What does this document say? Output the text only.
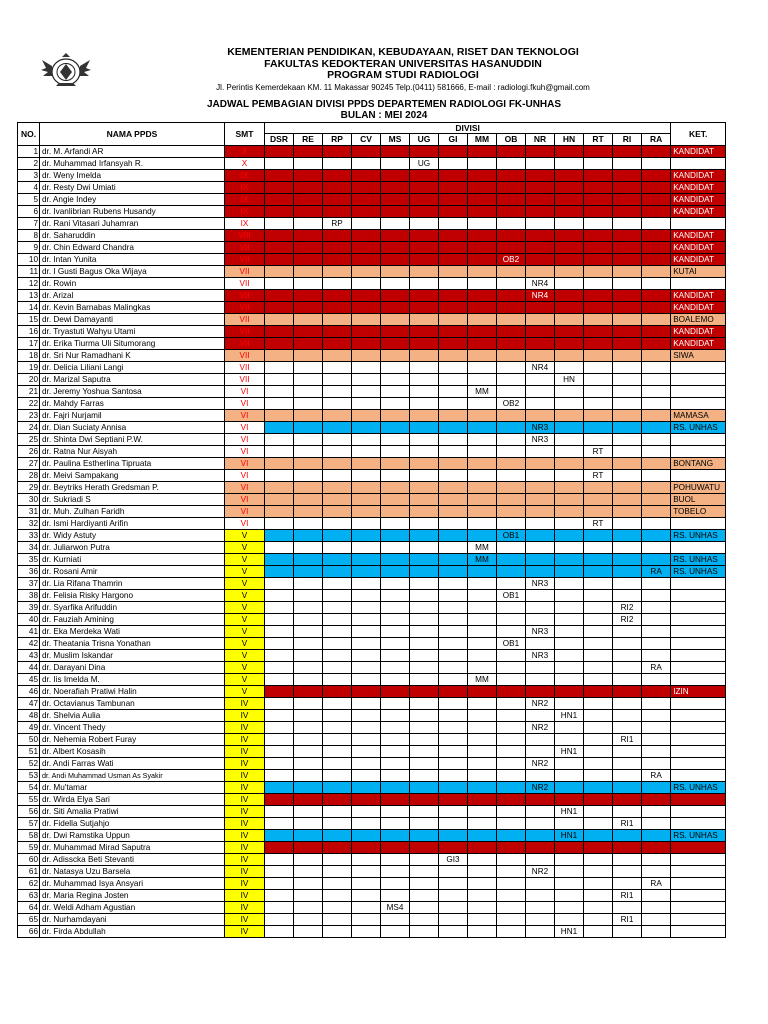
KEMENTERIAN PENDIDIKAN, KEBUDAYAAN, RISET DAN TEKNOLOGI
FAKULTAS KEDOKTERAN UNIVERSITAS HASANUDDIN
PROGRAM STUDI RADIOLOGI
Jl. Perintis Kemerdekaan KM. 11 Makassar 90245 Telp.(0411) 581666, E-mail : radiologi.fkuh@gmail.com
JADWAL PEMBAGIAN DIVISI PPDS DEPARTEMEN RADIOLOGI FK-UNHAS
BULAN : MEI 2024
NO.	NAMA PPDS	SMT	DIVISI														KET.
			DSR	RE	RP	CV	MS	UG	GI	MM	OB	NR	HN	RT	RI	RA	
1	dr. M. Arfandi AR	X															KANDIDAT
2	dr. Muhammad Irfansyah R.	X						UG									
3	dr. Weny Imelda	IX															KANDIDAT
4	dr. Resty Dwi Umiati	IX															KANDIDAT
5	dr. Angie Indey	IX															KANDIDAT
6	dr. Ivanlibrian Rubens Husandy	IX															KANDIDAT
7	dr. Rani Vitasari Juhamran	IX			RP												
8	dr. Saharuddin	VIII															KANDIDAT
9	dr. Chin Edward Chandra	VII															KANDIDAT
10	dr. Intan Yunita	VII									OB2						KANDIDAT
11	dr. I Gusti Bagus Oka Wijaya	VII															KUTAI
12	dr. Rowin	VII										NR4					
13	dr. Arizal	VII										NR4					KANDIDAT
14	dr. Kevin Barnabas Malingkas	VII															KANDIDAT
15	dr. Dewi Damayanti	VII															BOALEMO
16	dr. Tryastuti Wahyu Utami	VII															KANDIDAT
17	dr. Erika Tiurma Uli Situmorang	VII															KANDIDAT
18	dr. Sri Nur Ramadhani K	VII															SIWA
19	dr. Delicia Liliani Langi	VII										NR4					
20	dr. Marizal Saputra	VII											HN				
21	dr. Jeremy Yoshua Santosa	VI								MM							
22	dr. Mahdy Farras	VI									OB2						
23	dr. Fajri Nurjamil	VI															MAMASA
24	dr. Dian Suciaty Annisa	VI										NR3					RS. UNHAS
25	dr. Shinta Dwi Septiani P.W.	VI										NR3					
26	dr. Ratna Nur Aisyah	VI												RT			
27	dr. Paulina Estherlina Tipruata	VI															BONTANG
28	dr. Meivi Sampakang	VI												RT			
29	dr. Beytriks Herath Gredsman P.	VI															POHUWATU
30	dr. Sukriadi S	VI															BUOL
31	dr. Muh. Zulhan Faridh	VI															TOBELO
32	dr. Ismi Hardiyanti Arifin	VI												RT			
33	dr. Widy Astuty	V									OB1						RS. UNHAS
34	dr. Juliarwon Putra	V								MM							
35	dr. Kurniati	V								MM							RS. UNHAS
36	dr. Rosani Amir	V														RA	RS. UNHAS
37	dr. Lia Rifana Thamrin	V										NR3					
38	dr. Felisia Risky Hargono	V									OB1						
39	dr. Syarfika Arifuddin	V													RI2		
40	dr. Fauziah Amining	V													RI2		
41	dr. Eka Merdeka Wati	V										NR3					
42	dr. Theatania Trisna Yonathan	V									OB1						
43	dr. Muslim Iskandar	V										NR3					
44	dr. Darayani Dina	V														RA	
45	dr. Iis Imelda M.	V								MM							
46	dr. Noerafiah Pratiwi Halin	V															IZIN
47	dr. Octavianus Tambunan	IV										NR2					
48	dr. Shelvia Aulia	IV											HN1				
49	dr. Vincent Thedy	IV										NR2					
50	dr. Nehemia Robert Furay	IV													RI1		
51	dr. Albert Kosasih	IV											HN1				
52	dr. Andi Farras Wati	IV										NR2					
53	dr. Andi Muhammad Usman As Syakir	IV														RA	
54	dr. Mu'tamar	IV										NR2					RS. UNHAS
55	dr. Wirda Elya Sari	IV															
56	dr. Siti Amalia Pratiwi	IV											HN1				
57	dr. Fidella Sutjahjo	IV													RI1		
58	dr. Dwi Ramstika Uppun	IV											HN1				RS. UNHAS
59	dr. Muhammad Mirad Saputra	IV															
60	dr. Adisscka Beti Stevanti	IV							GI3								
61	dr. Natasya Uzu Barsela	IV										NR2					
62	dr. Muhammad Isya Ansyari	IV														RA	
63	dr. Maria Regina Josten	IV													RI1		
64	dr. Weldi Adham Agustian	IV					MS4										
65	dr. Nurhamdayani	IV													RI1		
66	dr. Firda Abdullah	IV											HN1				
